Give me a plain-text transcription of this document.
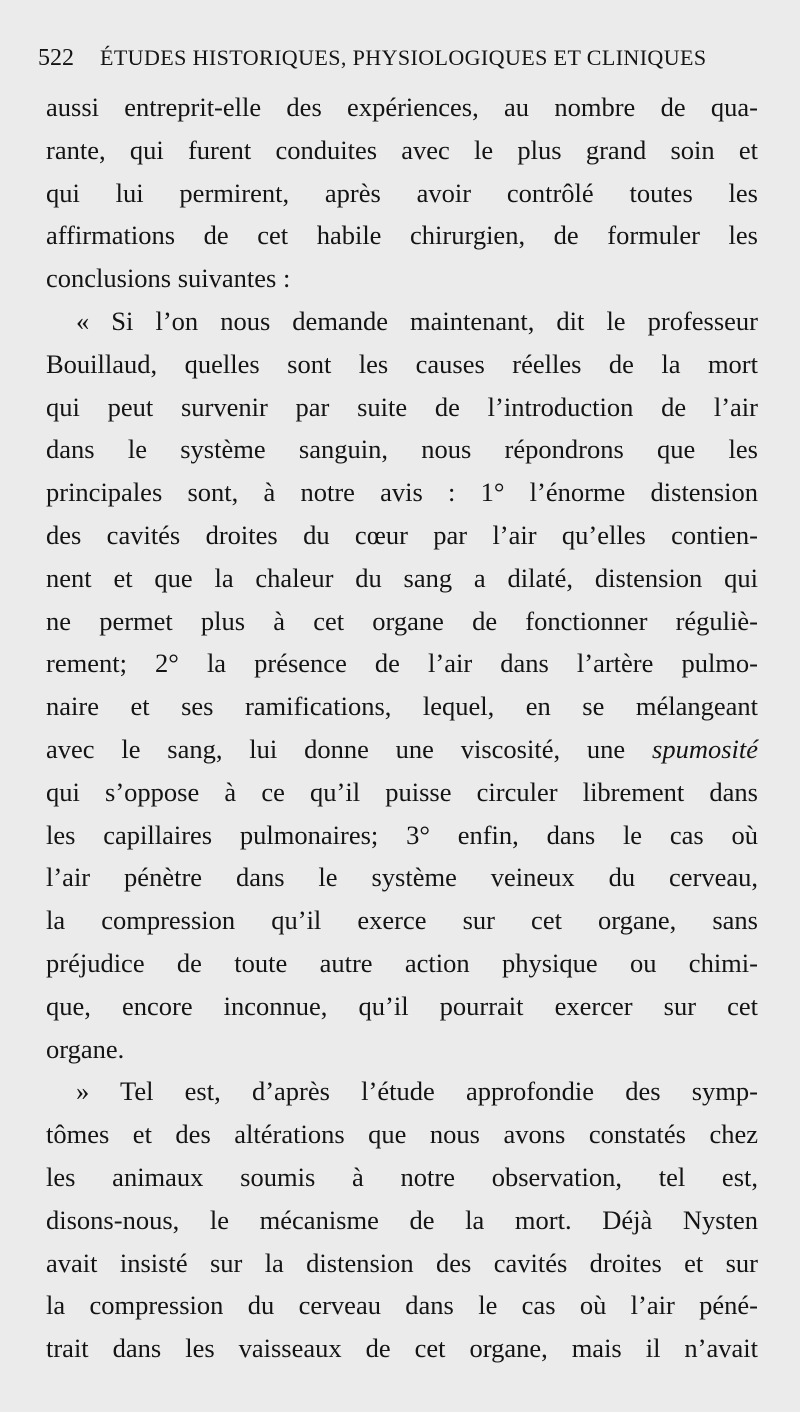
522 ÉTUDES HISTORIQUES, PHYSIOLOGIQUES ET CLINIQUES
aussi entreprit-elle des expériences, au nombre de qua-
rante, qui furent conduites avec le plus grand soin et
qui lui permirent, après avoir contrôlé toutes les
affirmations de cet habile chirurgien, de formuler les
conclusions suivantes :
« Si l’on nous demande maintenant, dit le professeur
Bouillaud, quelles sont les causes réelles de la mort
qui peut survenir par suite de l’introduction de l’air
dans le système sanguin, nous répondrons que les
principales sont, à notre avis : 1° l’énorme distension
des cavités droites du cœur par l’air qu’elles contien-
nent et que la chaleur du sang a dilaté, distension qui
ne permet plus à cet organe de fonctionner réguliè-
rement; 2° la présence de l’air dans l’artère pulmo-
naire et ses ramifications, lequel, en se mélangeant
avec le sang, lui donne une viscosité, une spumosité
qui s’oppose à ce qu’il puisse circuler librement dans
les capillaires pulmonaires; 3° enfin, dans le cas où
l’air pénètre dans le système veineux du cerveau,
la compression qu’il exerce sur cet organe, sans
préjudice de toute autre action physique ou chimi-
que, encore inconnue, qu’il pourrait exercer sur cet
organe.
» Tel est, d’après l’étude approfondie des symp-
tômes et des altérations que nous avons constatés chez
les animaux soumis à notre observation, tel est,
disons-nous, le mécanisme de la mort. Déjà Nysten
avait insisté sur la distension des cavités droites et sur
la compression du cerveau dans le cas où l’air péné-
trait dans les vaisseaux de cet organe, mais il n’avait
